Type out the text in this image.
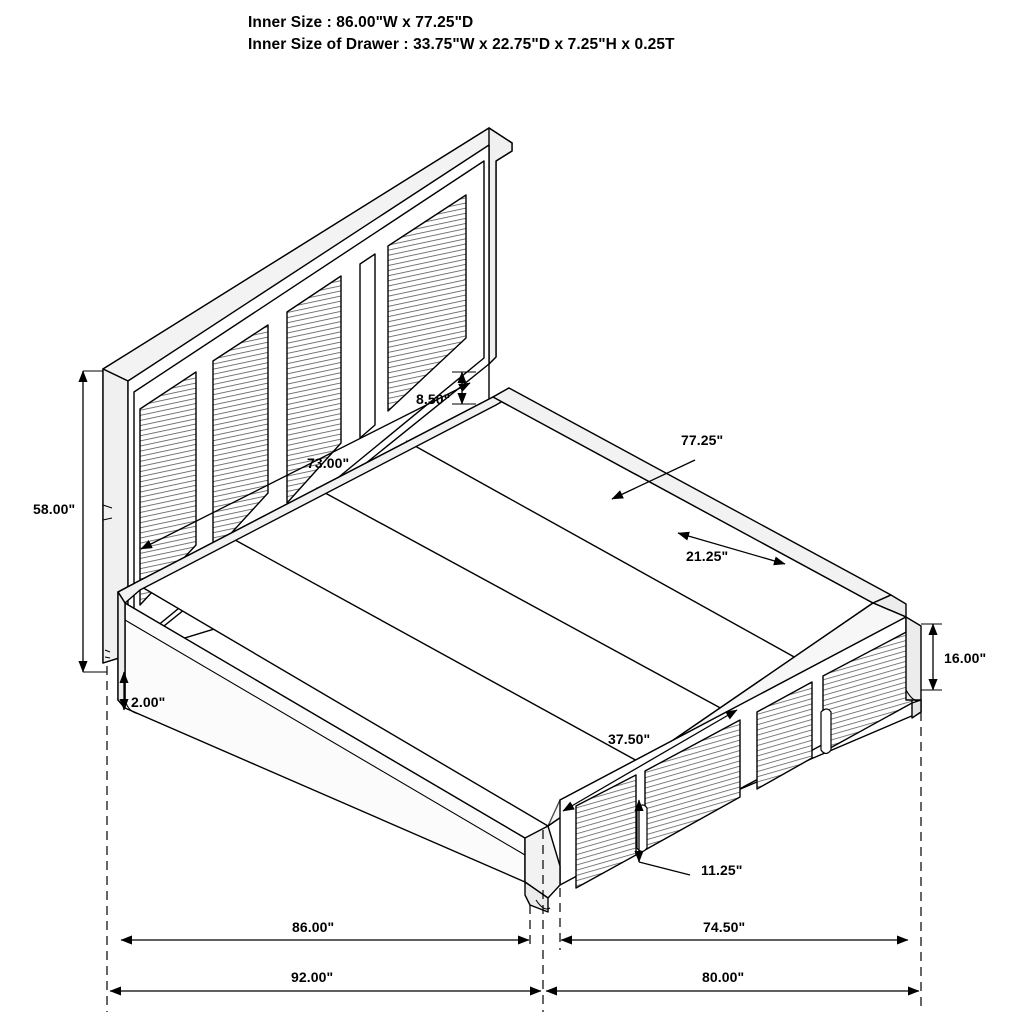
Inner Size : 86.00"W x 77.25"D
Inner Size of Drawer : 33.75"W x 22.75"D x 7.25"H x 0.25T
58.00"
8.50"
73.00"
77.25"
21.25"
2.00"
16.00"
37.50"
11.25"
86.00"	74.50"
92.00"	80.00"
